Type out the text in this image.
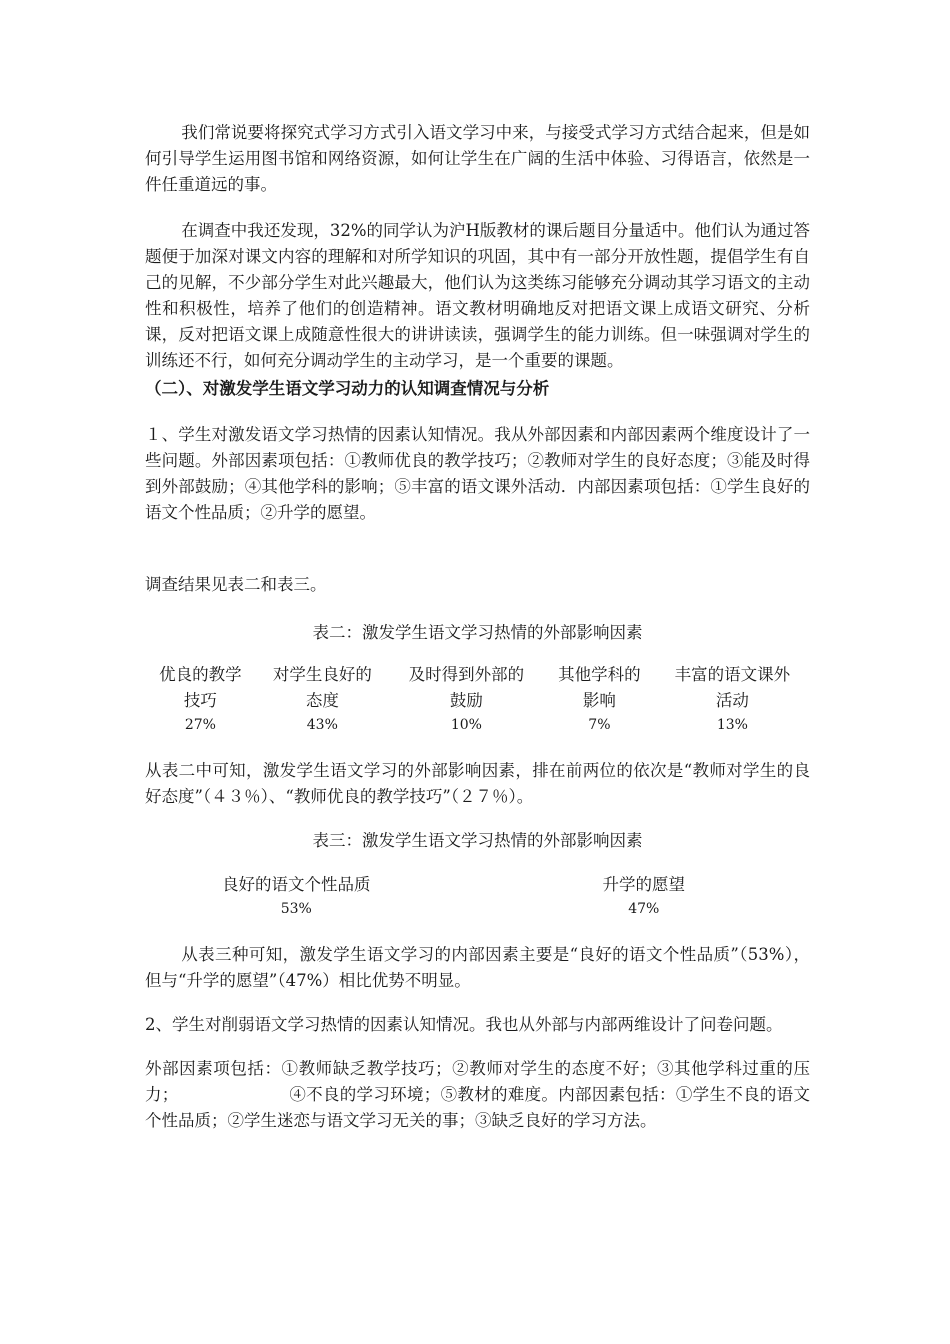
我们常说要将探究式学习方式引入语文学习中来，与接受式学习方式结合起来，但是如何引导学生运用图书馆和网络资源，如何让学生在广阔的生活中体验、习得语言，依然是一件任重道远的事。

在调查中我还发现，32%的同学认为沪H版教材的课后题目分量适中。他们认为通过答题便于加深对课文内容的理解和对所学知识的巩固，其中有一部分开放性题，提倡学生有自己的见解，不少部分学生对此兴趣最大，他们认为这类练习能够充分调动其学习语文的主动性和积极性，培养了他们的创造精神。语文教材明确地反对把语文课上成语文研究、分析课，反对把语文课上成随意性很大的讲讲读读，强调学生的能力训练。但一味强调对学生的训练还不行，如何充分调动学生的主动学习，是一个重要的课题。

（二）、对激发学生语文学习动力的认知调查情况与分析

１、学生对激发语文学习热情的因素认知情况。我从外部因素和内部因素两个维度设计了一些问题。外部因素项包括：①教师优良的教学技巧；②教师对学生的良好态度；③能及时得到外部鼓励；④其他学科的影响；⑤丰富的语文课外活动．内部因素项包括：①学生良好的语文个性品质；②升学的愿望。

调查结果见表二和表三。

表二：激发学生语文学习热情的外部影响因素

优良的教学	对学生良好的	及时得到外部的	其他学科的	丰富的语文课外
技巧	态度	鼓励	影响	活动
27%	43%	10%	7%	13%

从表二中可知，激发学生语文学习的外部影响因素，排在前两位的依次是“教师对学生的良好态度”（４３％）、“教师优良的教学技巧”（２７％）。

表三：激发学生语文学习热情的外部影响因素

良好的语文个性品质	升学的愿望
53%	47%

从表三种可知，激发学生语文学习的内部因素主要是“良好的语文个性品质”（53%），但与“升学的愿望”（47%）相比优势不明显。

2、学生对削弱语文学习热情的因素认知情况。我也从外部与内部两维设计了问卷问题。

外部因素项包括：①教师缺乏教学技巧；②教师对学生的态度不好；③其他学科过重的压力；                    ④不良的学习环境；⑤教材的难度。内部因素包括：①学生不良的语文个性品质；②学生迷恋与语文学习无关的事；③缺乏良好的学习方法。
